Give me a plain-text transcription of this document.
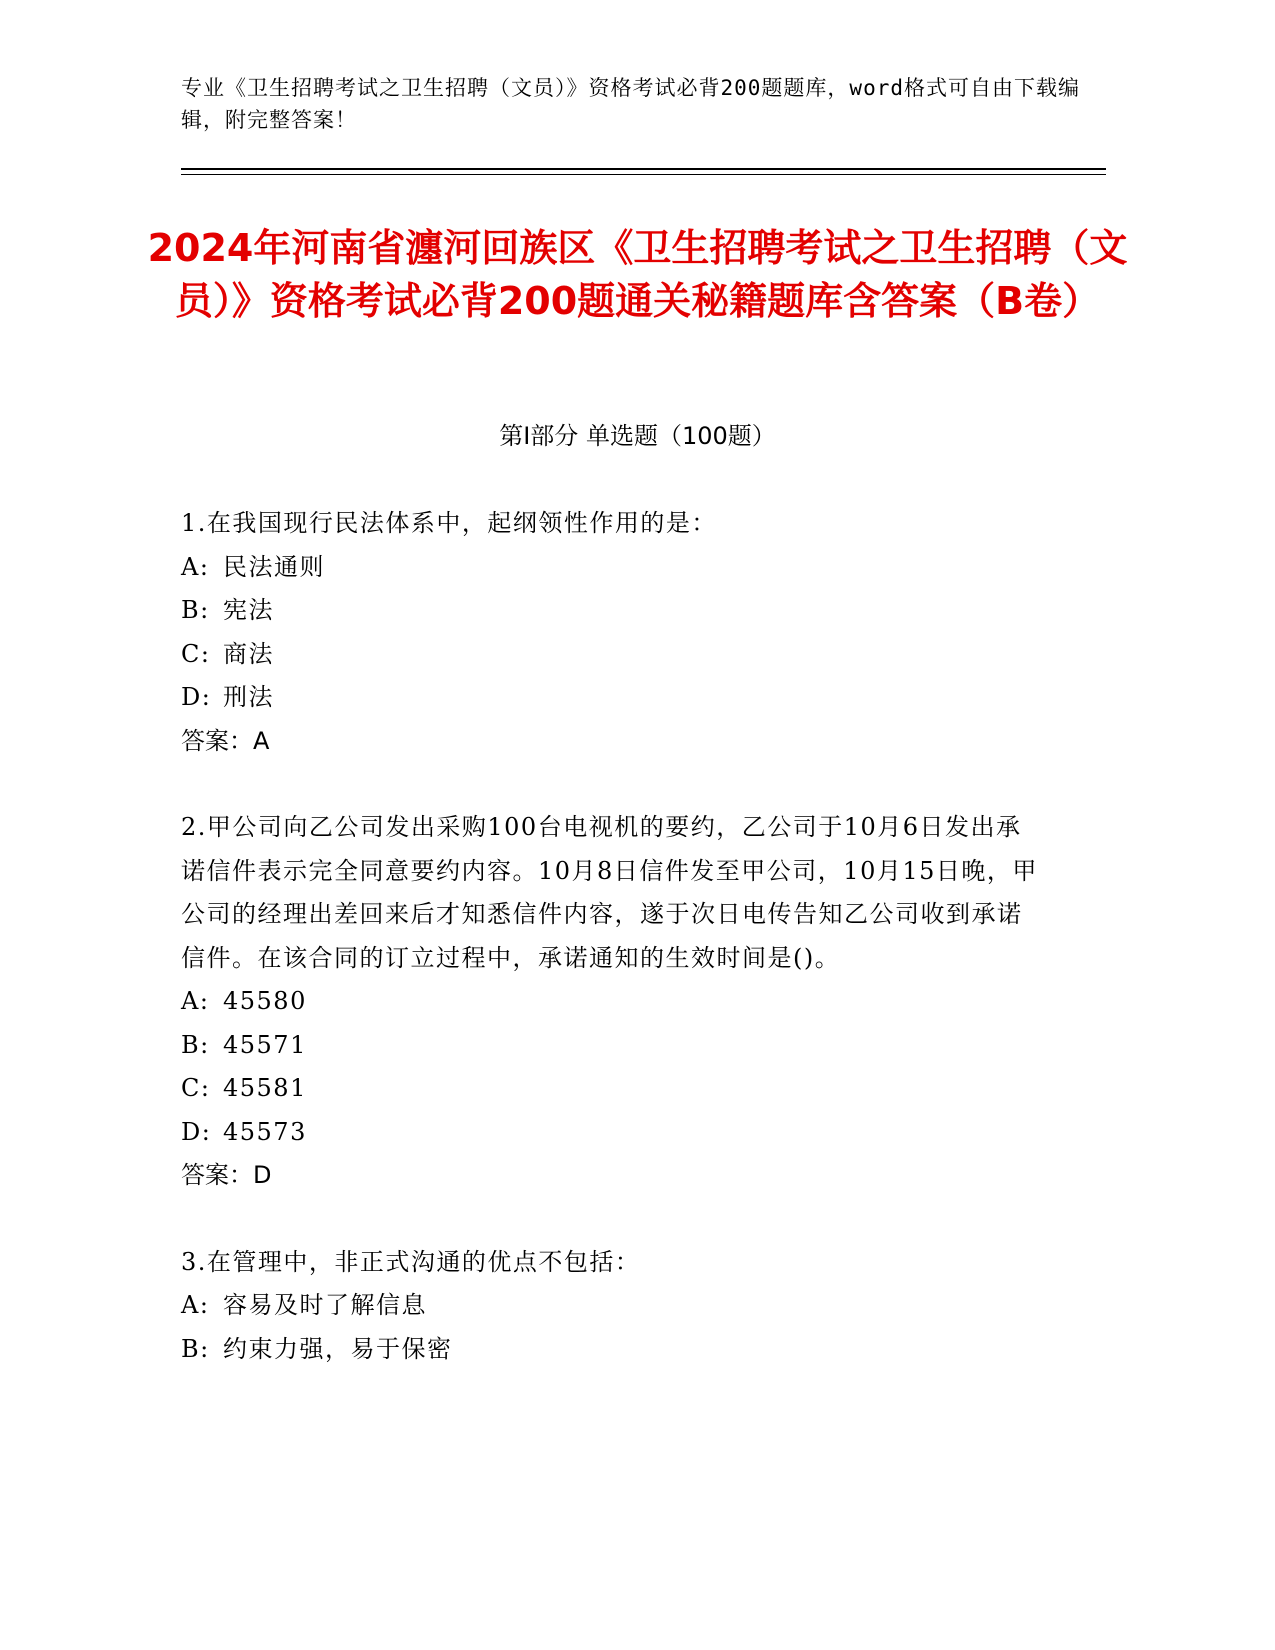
专业《卫生招聘考试之卫生招聘（文员）》资格考试必背200题题库，word格式可自由下载编辑，附完整答案！
2024年河南省瀍河回族区《卫生招聘考试之卫生招聘（文员）》资格考试必背200题通关秘籍题库含答案（B卷）
第Ⅰ部分 单选题（100题）

1.在我国现行民法体系中，起纲领性作用的是：

A: 民法通则
B: 宪法
C: 商法
D: 刑法
答案：A

2.甲公司向乙公司发出采购100台电视机的要约，乙公司于10月6日发出承诺信件表示完全同意要约内容。10月8日信件发至甲公司，10月15日晚，甲公司的经理出差回来后才知悉信件内容，遂于次日电传告知乙公司收到承诺信件。在该合同的订立过程中，承诺通知的生效时间是()。

A: 45580
B: 45571
C: 45581
D: 45573
答案：D

3.在管理中，非正式沟通的优点不包括：

A: 容易及时了解信息
B: 约束力强，易于保密
